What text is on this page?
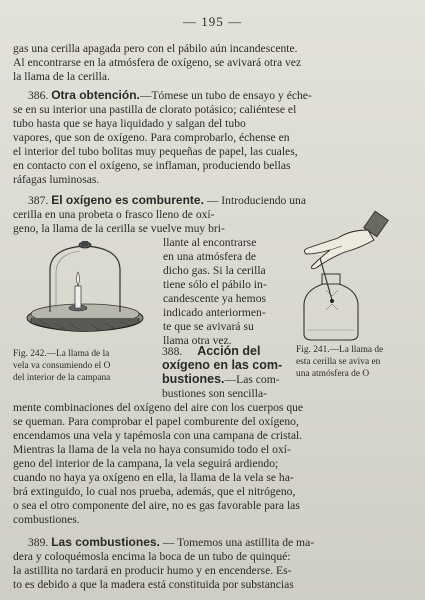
— 195 —
gas una cerilla apagada pero con el pábilo aún incandescente.
Al encontrarse en la atmósfera de oxígeno, se avivará otra vez
la llama de la cerilla.
386. Otra obtención.—Tómese un tubo de ensayo y éche-
se en su interior una pastilla de clorato potásico; caliéntese el
tubo hasta que se haya liquidado y salgan del tubo
vapores, que son de oxígeno. Para comprobarlo, échense en
el interior del tubo bolitas muy pequeñas de papel, las cuales,
en contacto con el oxígeno, se inflaman, produciendo bellas
ráfagas luminosas.
387. El oxígeno es comburente. — Introduciendo una
cerilla en una probeta o frasco lleno de oxí-
geno, la llama de la cerilla se vuelve muy bri-
llante al encontrarse
en una atmósfera de
dicho gas. Si la cerilla
tiene sólo el pábilo in-
candescente ya hemos
indicado anteriormen-
te que se avivará su
llama otra vez.
Fig. 242.—La llama de la
vela va consumiendo el O
del interior de la campana
Fig. 241.—La llama de
esta cerilla se aviva en
una atmósfera de O
388. Acción del
oxígeno en las com-
bustiones.—Las com-
bustiones son sencilla-
mente combinaciones del oxígeno del aire con los cuerpos que
se queman. Para comprobar el papel comburente del oxígeno,
encendamos una vela y tapémosla con una campana de cristal.
Mientras la llama de la vela no haya consumido todo el oxí-
geno del interior de la campana, la vela seguirá ardiendo;
cuando no haya ya oxígeno en ella, la llama de la vela se ha-
brá extinguido, lo cual nos prueba, además, que el nitrógeno,
o sea el otro componente del aire, no es gas favorable para las
combustiones.
389. Las combustiones. — Tomemos una astillita de ma-
dera y coloquémosla encima la boca de un tubo de quinqué:
la astillita no tardará en producir humo y en encenderse. Es-
to es debido a que la madera está constituida por substancias
